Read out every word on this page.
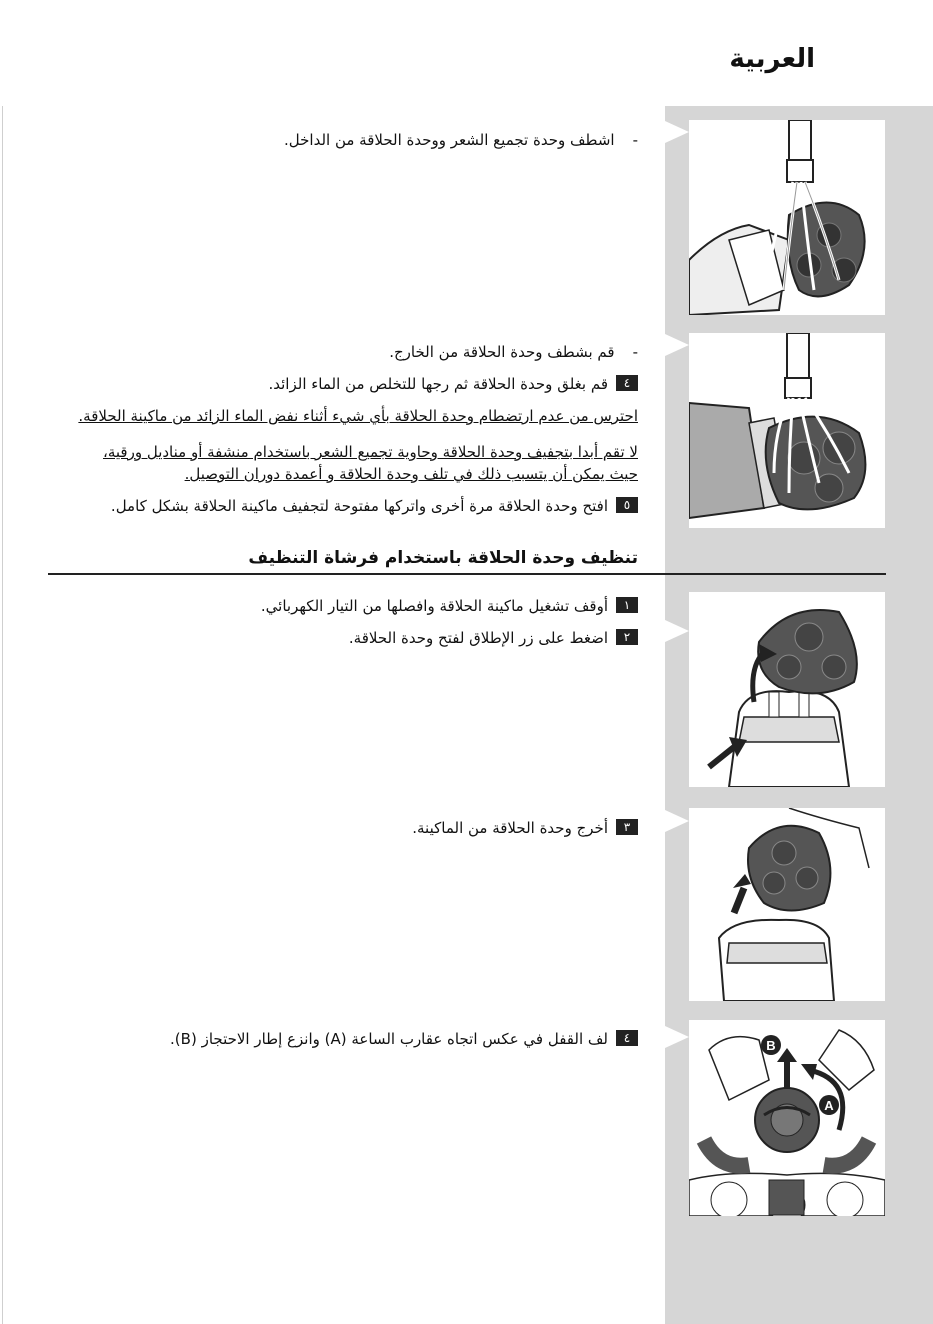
العربية
-اشطف وحدة تجميع الشعر ووحدة الحلاقة من الداخل.
-قم بشطف وحدة الحلاقة من الخارج.
٤قم بغلق وحدة الحلاقة ثم رجها للتخلص من الماء الزائد.
احترس من عدم ارتضطام وحدة الحلاقة بأي شيء أثناء نفض الماء الزائد من ماكينة الحلاقة.
لا تقم أبدا بتجفيف وحدة الحلاقة وحاوية تجميع الشعر باستخدام منشفة أو مناديل ورقية،
حيث يمكن أن يتسبب ذلك في تلف وحدة الحلاقة و أعمدة دوران التوصيل.
٥افتح وحدة الحلاقة مرة أخرى واتركها مفتوحة لتجفيف ماكينة الحلاقة بشكل كامل.
تنظيف وحدة الحلاقة باستخدام فرشاة التنظيف
١أوقف تشغيل ماكينة الحلاقة وافصلها من التيار الكهربائي.
٢اضغط على زر الإطلاق لفتح وحدة الحلاقة.
٣أخرج وحدة الحلاقة من الماكينة.
٤لف القفل في عكس اتجاه عقارب الساعة (A) وانزع إطار الاحتجاز (B).	B
A
